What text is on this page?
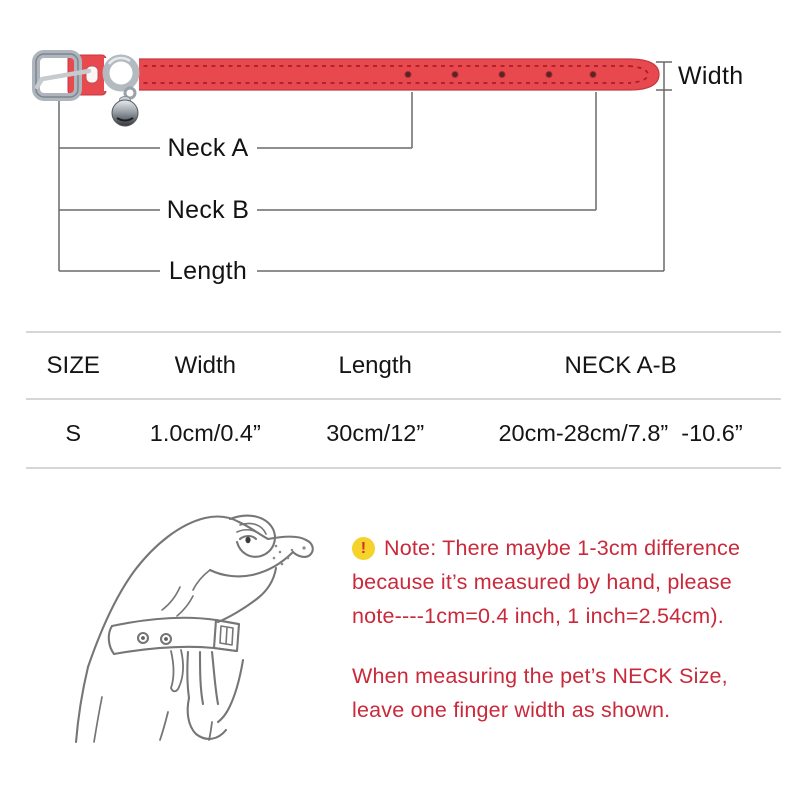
Width
Neck A
Neck B
Length
SIZE	Width	Length	NECK A-B
S	1.0cm/0.4”	30cm/12”	20cm-28cm/7.8”  -10.6”
! Note: There maybe 1-3cm difference
because it’s measured by hand, please
note----1cm=0.4 inch, 1 inch=2.54cm).
When measuring the pet’s NECK Size,
leave one finger width as shown.
